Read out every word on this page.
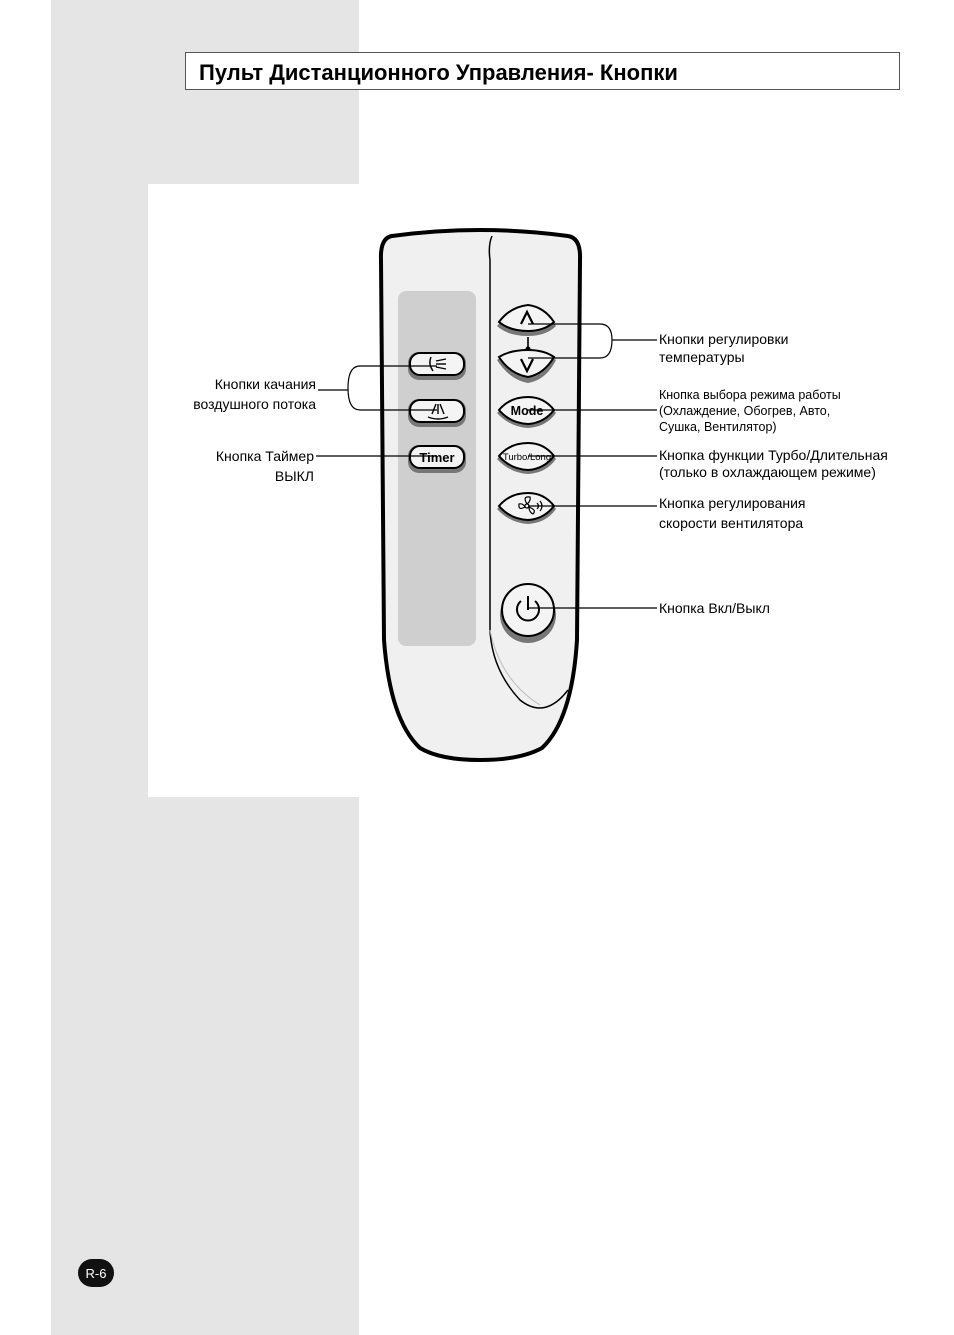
Пульт Дистанционного Управления- Кнопки
Timer
Mode
Turbo/Long
Кнопки регулировки
температуры
Кнопка выбора режима работы
(Охлаждение, Обогрев, Авто,
Сушка, Вентилятор)
Кнопка функции Турбо/Длительная
(только в охлаждающем режиме)
Кнопка регулирования
скорости вентилятора
Кнопка Вкл/Выкл
Кнопки качания
воздушного потока
Кнопка Таймер
ВЫКЛ
R-6
